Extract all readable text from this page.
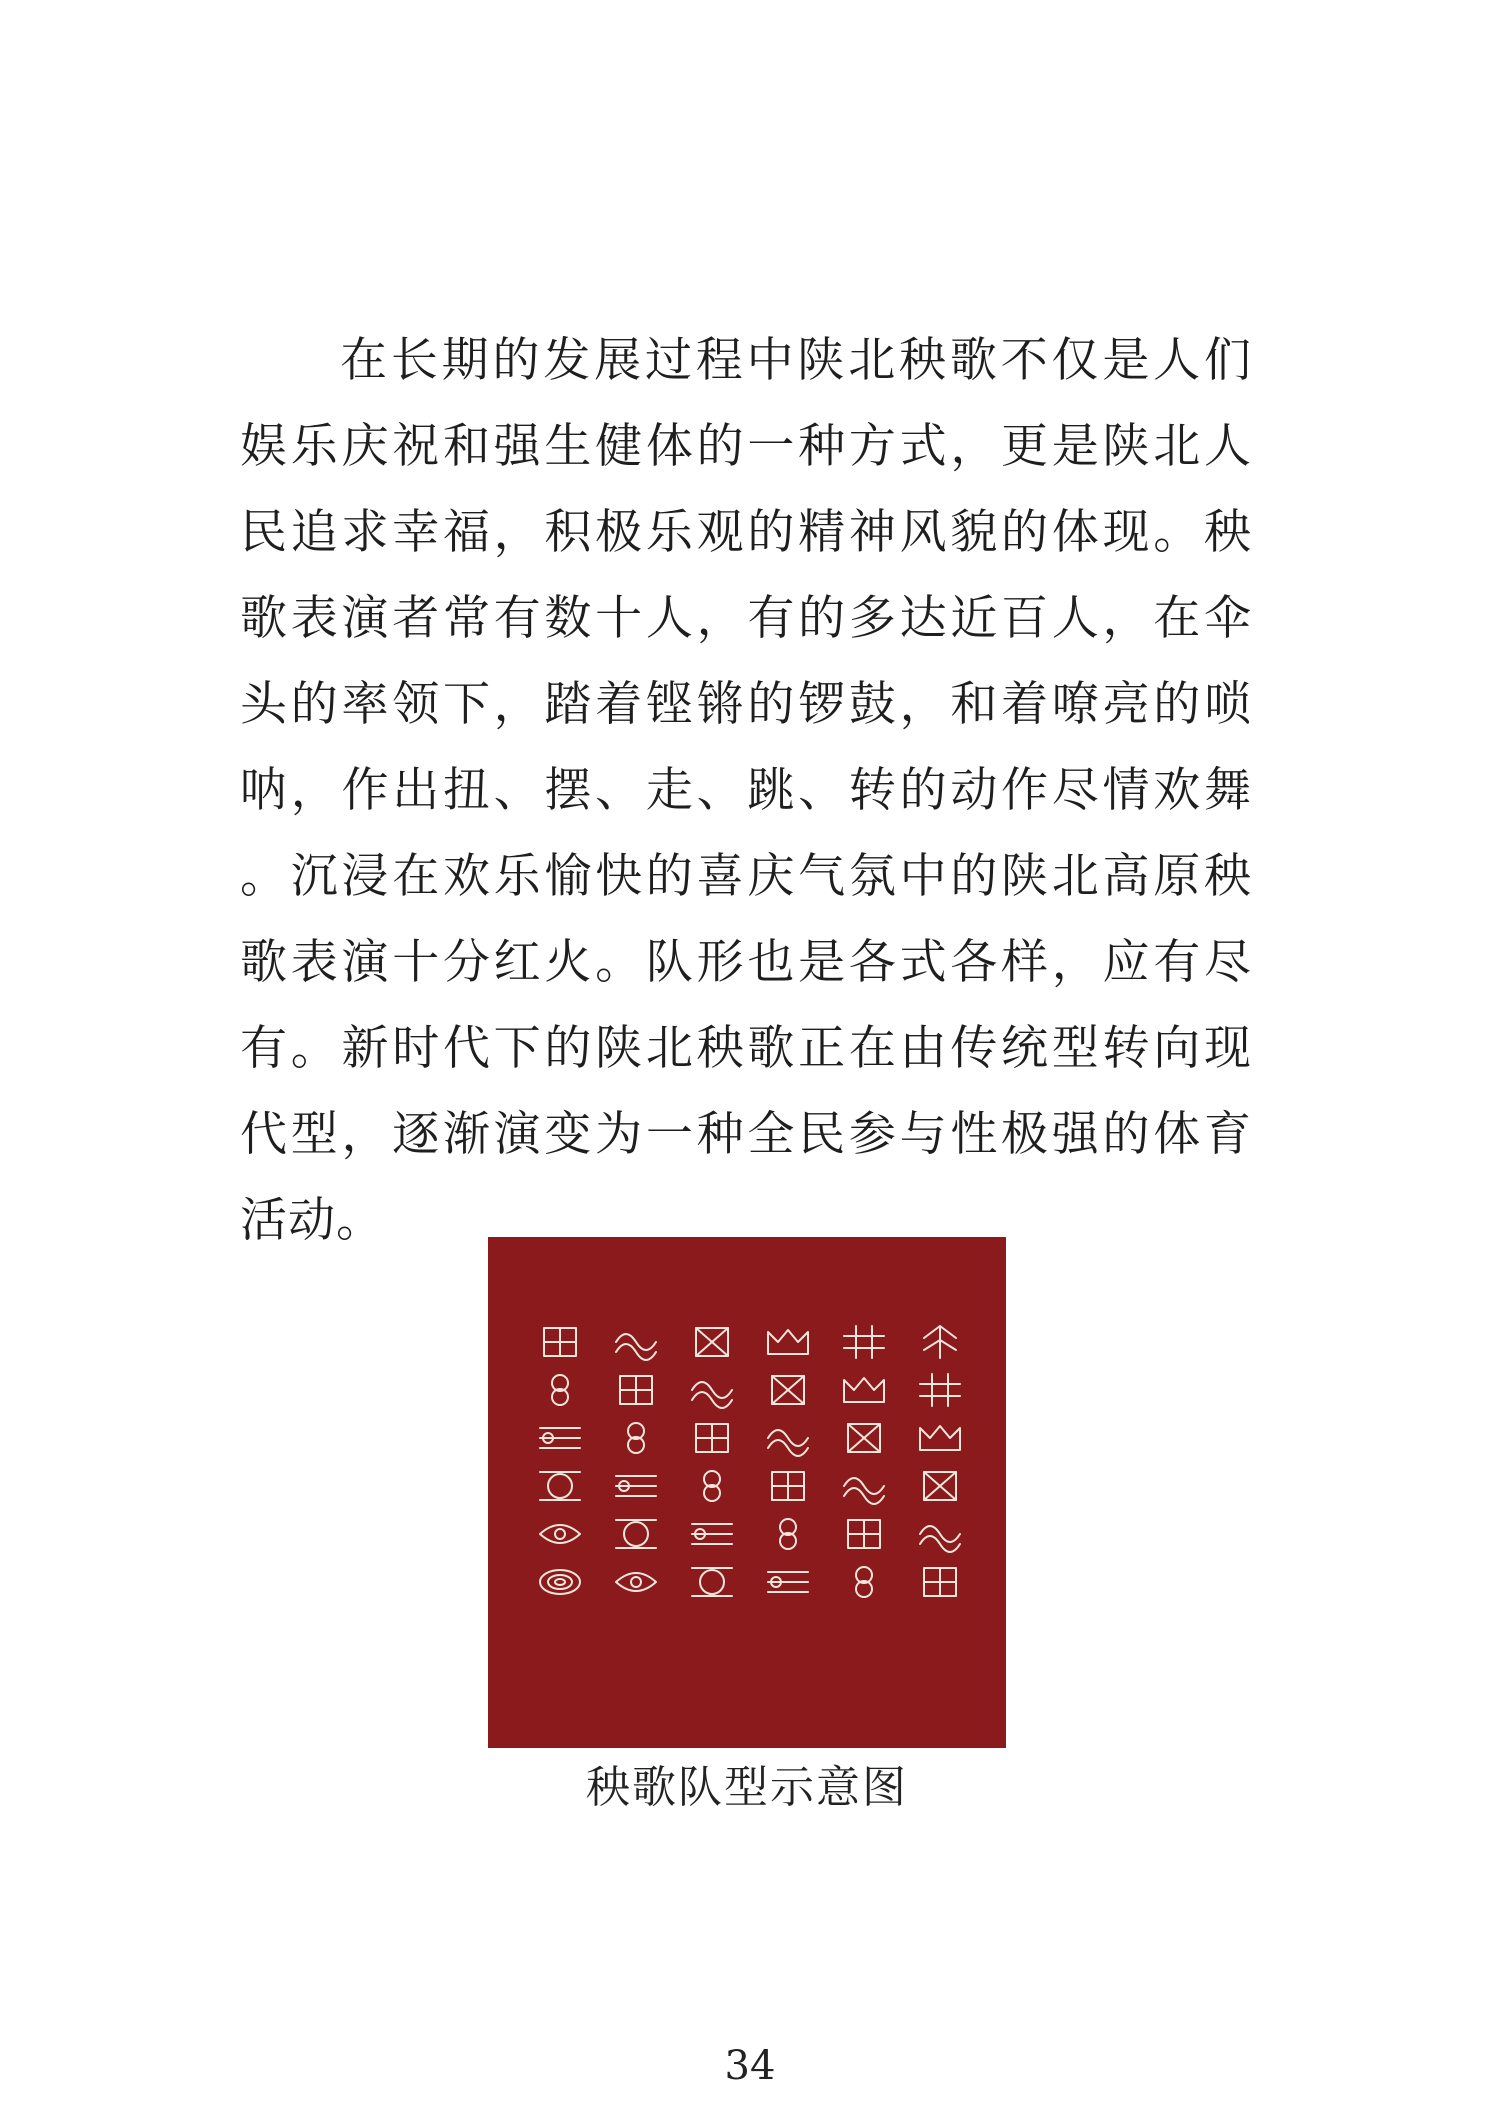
在长期的发展过程中陕北秧歌不仅是人们
娱乐庆祝和强生健体的一种方式，更是陕北人
民追求幸福，积极乐观的精神风貌的体现。秧
歌表演者常有数十人，有的多达近百人，在伞
头的率领下，踏着铿锵的锣鼓，和着嘹亮的唢
呐，作出扭、摆、走、跳、转的动作尽情欢舞
。沉浸在欢乐愉快的喜庆气氛中的陕北高原秧
歌表演十分红火。队形也是各式各样，应有尽
有。新时代下的陕北秧歌正在由传统型转向现
代型，逐渐演变为一种全民参与性极强的体育
活动。
秧歌队型示意图
34
